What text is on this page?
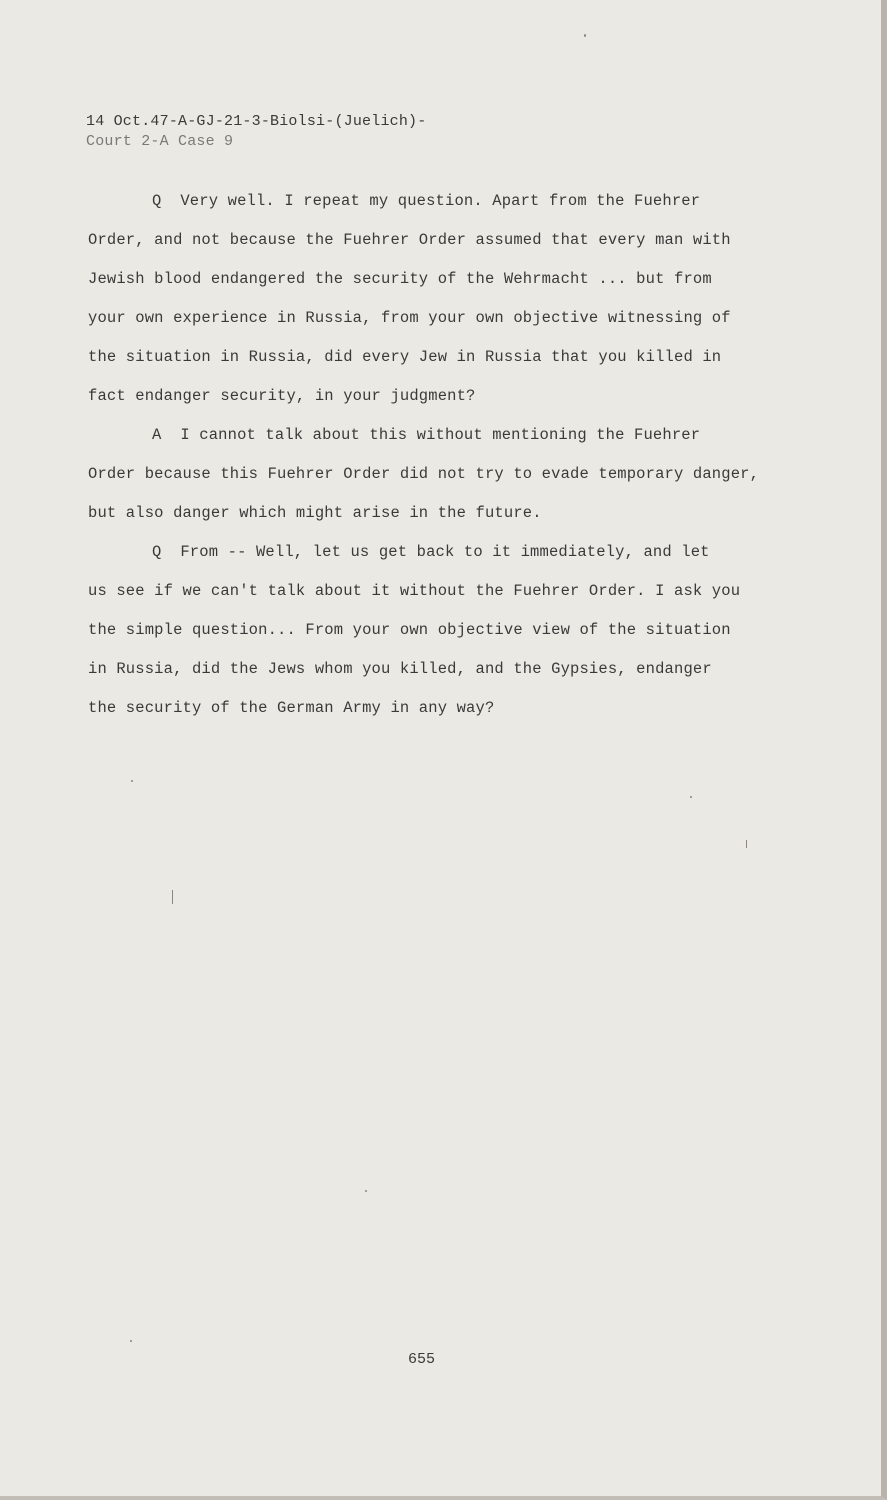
14 Oct.47-A-GJ-21-3-Biolsi-(Juelich)-
Court 2-A Case 9
Q  Very well. I repeat my question. Apart from the Fuehrer
Order, and not because the Fuehrer Order assumed that every man with
Jewish blood endangered the security of the Wehrmacht ... but from
your own experience in Russia, from your own objective witnessing of
the situation in Russia, did every Jew in Russia that you killed in
fact endanger security, in your judgment?
A  I cannot talk about this without mentioning the Fuehrer
Order because this Fuehrer Order did not try to evade temporary danger,
but also danger which might arise in the future.
Q  From -- Well, let us get back to it immediately, and let
us see if we can't talk about it without the Fuehrer Order. I ask you
the simple question... From your own objective view of the situation
in Russia, did the Jews whom you killed, and the Gypsies, endanger
the security of the German Army in any way?
655
